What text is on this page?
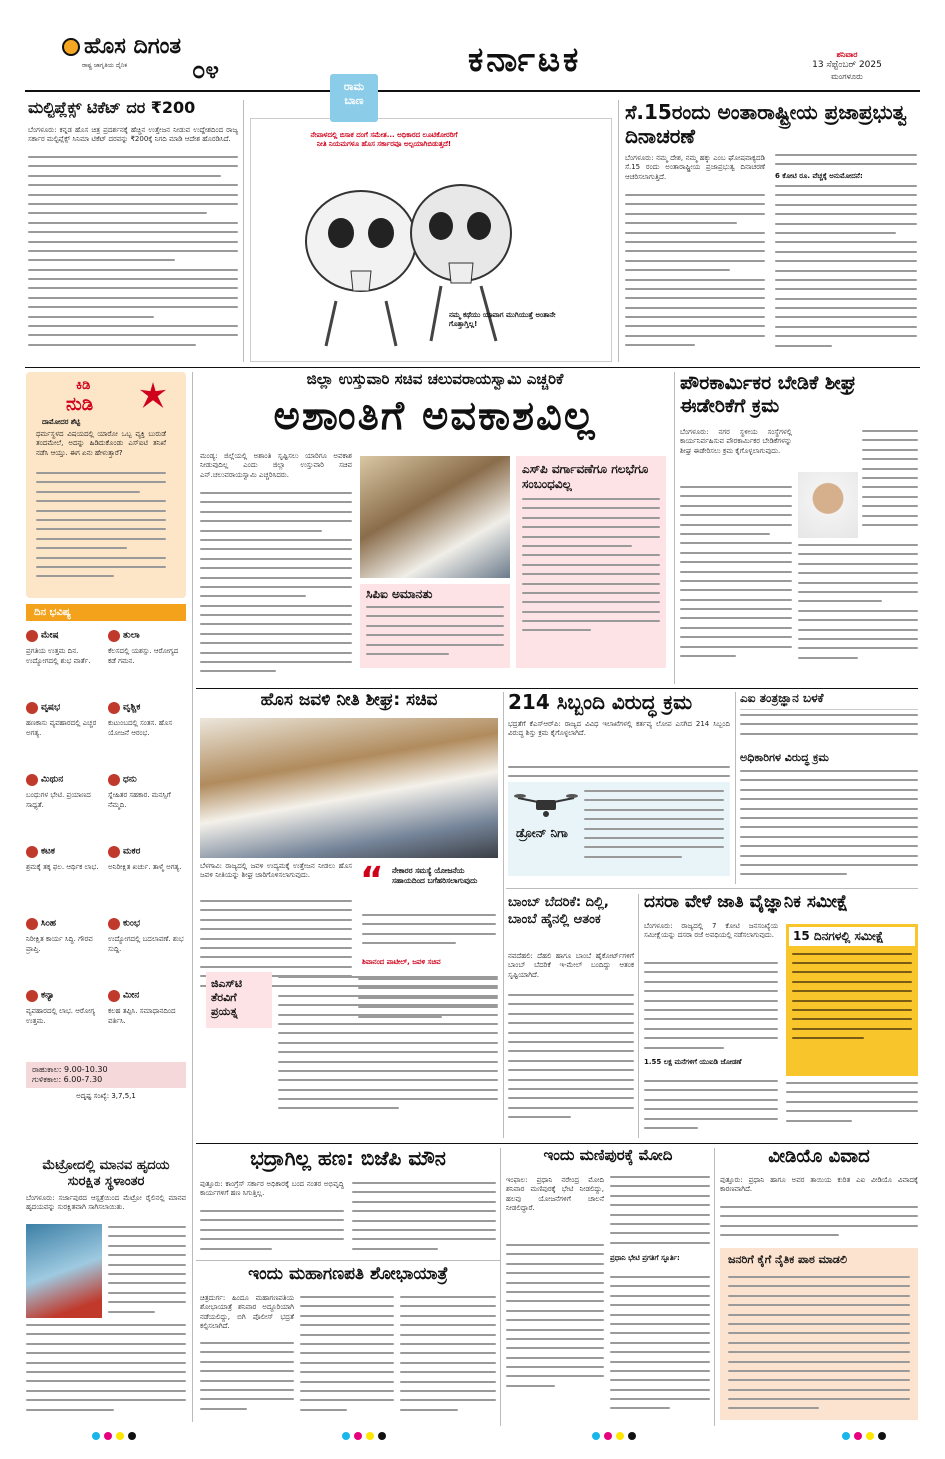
ಹೊಸ ದಿಗಂತ
ರಾಷ್ಟ್ರ ಜಾಗೃತಿಯ ದೈನಿಕ	೦೪	ಕರ್ನಾಟಕ	ಶನಿವಾರ
13 ಸೆಪ್ಟೆಂಬರ್ 2025
ಮಂಗಳೂರು
ಮಲ್ಟಿಪ್ಲೆಕ್ಸ್ ಟಿಕೆಟ್ ದರ ₹200
ಬೆಂಗಳೂರು: ಕನ್ನಡ ಹೊಸ ಚಿತ್ರ ಪ್ರದರ್ಶನಕ್ಕೆ ಹೆಚ್ಚಿನ ಉತ್ತೇಜನ ನೀಡುವ ಉದ್ದೇಶದಿಂದ ರಾಜ್ಯ ಸರ್ಕಾರ ಮಲ್ಟಿಪ್ಲೆಕ್ಸ್ ಸಿನಿಮಾ ಟಿಕೆಟ್ ದರವನ್ನು ₹200ಕ್ಕೆ ನಿಗದಿ ಮಾಡಿ ಆದೇಶ ಹೊರಡಿಸಿದೆ.
ನೇಪಾಳದಲ್ಲಿ ಬಿಸಾಕ ದಂಗೆ ಸಮೇತ... ಅಧಿಕಾರದ ಲೂಟಿಕೋರರಿಗೆ ನೀತಿ ನಿಯಮಗಳೂ ಹೊಸ ಸರ್ಕಾರವೂ ಅಲ್ಪಯಾಗಿಬಿಡುತ್ತದೆ!
ನಮ್ಮ ಕಥೆಯು ಯಾವಾಗ ಮುಗಿಯುತ್ತೆ ಅಂತಾನೇ ಗೊತ್ತಾಗ್ತಿಲ್ಲ!
ರಾಮ
ಬಾಣ	ಸೆ.15ರಂದು ಅಂತಾರಾಷ್ಟ್ರೀಯ ಪ್ರಜಾಪ್ರಭುತ್ವ ದಿನಾಚರಣೆ
ಬೆಂಗಳೂರು: ನಮ್ಮ ದೇಶ, ನಮ್ಮ ಹಕ್ಕು ಎಂಬ ಘೋಷವಾಕ್ಯದಡಿ ಸೆ.15 ರಂದು ಅಂತಾರಾಷ್ಟ್ರೀಯ ಪ್ರಜಾಪ್ರಭುತ್ವ ದಿನಾಚರಣೆ ಆಚರಿಸಲಾಗುತ್ತಿದೆ.	6 ಕೋಟಿ ರೂ. ವೆಚ್ಚಕ್ಕೆ ಅನುಮೋದನೆ:
ಕಿಡಿ
ನುಡಿ
ದಾಮೋದರ ಶೆಟ್ಟಿ
ಧರ್ಮಸ್ಥಳದ ವಿಷಯದಲ್ಲಿ ಯಾರೋ ಒಬ್ಬ ವ್ಯಕ್ತಿ ಬುರುಡೆ ತಂದಮೇಲೆ, ಅದನ್ನು ಹಿಡಿದುಕೊಂಡು ಎಸ್‌ಐಟಿ ತನಿಖೆ ನಡೆಸಿ ಆಯ್ತು. ಈಗ ಏನು ಹೇಳುತ್ತಾರೆ?
ದಿನ ಭವಿಷ್ಯ
ಮೇಷ
ಪ್ರಗತಿಯ ಉತ್ತಮ ದಿನ. ಉದ್ಯೋಗದಲ್ಲಿ ಶುಭ ವಾರ್ತೆ.
ತುಲಾ
ಕೆಲಸದಲ್ಲಿ ಯಶಸ್ಸು. ಆರೋಗ್ಯದ ಕಡೆ ಗಮನ.
ವೃಷಭ
ಹಣಕಾಸು ವ್ಯವಹಾರದಲ್ಲಿ ಎಚ್ಚರ ಅಗತ್ಯ.
ವೃಶ್ಚಿಕ
ಕುಟುಂಬದಲ್ಲಿ ಸಂತಸ. ಹೊಸ ಯೋಜನೆ ಆರಂಭ.
ಮಿಥುನ
ಬಂಧುಗಳ ಭೇಟಿ. ಪ್ರಯಾಣದ ಸಾಧ್ಯತೆ.
ಧನು
ಸ್ನೇಹಿತರ ಸಹಕಾರ. ಮನಸ್ಸಿಗೆ ನೆಮ್ಮದಿ.
ಕಟಕ
ಶ್ರಮಕ್ಕೆ ತಕ್ಕ ಫಲ. ಆರ್ಥಿಕ ಲಾಭ.
ಮಕರ
ಅನಿರೀಕ್ಷಿತ ಖರ್ಚು. ತಾಳ್ಮೆ ಅಗತ್ಯ.
ಸಿಂಹ
ನಿರೀಕ್ಷಿತ ಕಾರ್ಯ ಸಿದ್ಧಿ. ಗೌರವ ಪ್ರಾಪ್ತಿ.
ಕುಂಭ
ಉದ್ಯೋಗದಲ್ಲಿ ಬದಲಾವಣೆ. ಶುಭ ಸುದ್ದಿ.
ಕನ್ಯಾ
ವ್ಯವಹಾರದಲ್ಲಿ ಲಾಭ. ಆರೋಗ್ಯ ಉತ್ತಮ.
ಮೀನ
ಕಲಹ ತಪ್ಪಿಸಿ. ಸಮಾಧಾನದಿಂದ ವರ್ತಿಸಿ.
ರಾಹುಕಾಲ: 9.00-10.30
ಗುಳಿಕಕಾಲ: 6.00-7.30
ಅದೃಷ್ಟ ಸಂಖ್ಯೆ: 3,7,5,1
ಮೆಟ್ರೋದಲ್ಲಿ ಮಾನವ ಹೃದಯ ಸುರಕ್ಷಿತ ಸ್ಥಳಾಂತರ
ಬೆಂಗಳೂರು: ಸರ್ಜಾಪುರದ ಆಸ್ಪತ್ರೆಯಿಂದ ಮೆಟ್ರೋ ರೈಲಿನಲ್ಲಿ ಮಾನವ ಹೃದಯವನ್ನು ಸುರಕ್ಷಿತವಾಗಿ ಸಾಗಿಸಲಾಯಿತು.
ಜಿಲ್ಲಾ ಉಸ್ತುವಾರಿ ಸಚಿವ ಚಲುವರಾಯಸ್ವಾಮಿ ಎಚ್ಚರಿಕೆ
ಅಶಾಂತಿಗೆ ಅವಕಾಶವಿಲ್ಲ
ಮಂಡ್ಯ: ಜಿಲ್ಲೆಯಲ್ಲಿ ಅಶಾಂತಿ ಸೃಷ್ಟಿಸಲು ಯಾರಿಗೂ ಅವಕಾಶ ನೀಡುವುದಿಲ್ಲ ಎಂದು ಜಿಲ್ಲಾ ಉಸ್ತುವಾರಿ ಸಚಿವ ಎನ್.ಚಲುವರಾಯಸ್ವಾಮಿ ಎಚ್ಚರಿಸಿದರು.	ಎಸ್‌ಪಿ ವರ್ಗಾವಣೆಗೂ ಗಲಭೆಗೂ ಸಂಬಂಧವಿಲ್ಲ
ಸಿಪಿಐ ಅಮಾನತು
ಪೌರಕಾರ್ಮಿಕರ ಬೇಡಿಕೆ ಶೀಘ್ರ ಈಡೇರಿಕೆಗೆ ಕ್ರಮ
ಬೆಂಗಳೂರು: ನಗರ ಸ್ಥಳೀಯ ಸಂಸ್ಥೆಗಳಲ್ಲಿ ಕಾರ್ಯನಿರ್ವಹಿಸುವ ಪೌರಕಾರ್ಮಿಕರ ಬೇಡಿಕೆಗಳನ್ನು ಶೀಘ್ರ ಈಡೇರಿಸಲು ಕ್ರಮ ಕೈಗೊಳ್ಳಲಾಗುವುದು.
ಹೊಸ ಜವಳಿ ನೀತಿ ಶೀಘ್ರ: ಸಚಿವ
ಬೆಳಗಾವಿ: ರಾಜ್ಯದಲ್ಲಿ ಜವಳಿ ಉದ್ಯಮಕ್ಕೆ ಉತ್ತೇಜನ ನೀಡಲು ಹೊಸ ಜವಳಿ ನೀತಿಯನ್ನು ಶೀಘ್ರ ಜಾರಿಗೊಳಿಸಲಾಗುವುದು.	“ ನೇಕಾರರ ಸಮಸ್ಯೆ ಯೋಜನೆಯ ಸಹಾಯದಿಂದ ಬಗೆಹರಿಸಲಾಗುವುದು
ಶಿವಾನಂದ ಪಾಟೀಲ್, ಜವಳಿ ಸಚಿವ
ಜಿಎಸ್‌ಟಿ ತೆರವಿಗೆ ಪ್ರಯತ್ನ
214 ಸಿಬ್ಬಂದಿ ವಿರುದ್ಧ ಕ್ರಮ
ಭದ್ರತೆಗೆ ಕೆಎಸ್‌ಆರ್‌ಪಿ: ರಾಜ್ಯದ ವಿವಿಧ ಇಲಾಖೆಗಳಲ್ಲಿ ಕರ್ತವ್ಯ ಲೋಪ ಎಸಗಿದ 214 ಸಿಬ್ಬಂದಿ ವಿರುದ್ಧ ಶಿಸ್ತು ಕ್ರಮ ಕೈಗೊಳ್ಳಲಾಗಿದೆ.
ಡ್ರೋನ್ ನಿಗಾ
ಎಐ ತಂತ್ರಜ್ಞಾನ ಬಳಕೆ
ಅಧಿಕಾರಿಗಳ ವಿರುದ್ಧ ಕ್ರಮ
ಬಾಂಬ್ ಬೆದರಿಕೆ: ದಿಲ್ಲಿ, ಬಾಂಬೆ ಹೈನಲ್ಲಿ ಆತಂಕ
ನವದೆಹಲಿ: ದೆಹಲಿ ಹಾಗೂ ಬಾಂಬೆ ಹೈಕೋರ್ಟ್‌ಗಳಿಗೆ ಬಾಂಬ್ ಬೆದರಿಕೆ ಇ-ಮೇಲ್ ಬಂದಿದ್ದು ಆತಂಕ ಸೃಷ್ಟಿಯಾಗಿದೆ.
ದಸರಾ ವೇಳೆ ಜಾತಿ ವೈಜ್ಞಾನಿಕ ಸಮೀಕ್ಷೆ
ಬೆಂಗಳೂರು: ರಾಜ್ಯದಲ್ಲಿ 7 ಕೋಟಿ ಜನಸಂಖ್ಯೆಯ ಸಮೀಕ್ಷೆಯನ್ನು ದಸರಾ ರಜೆ ಅವಧಿಯಲ್ಲಿ ನಡೆಸಲಾಗುವುದು.
1.55 ಲಕ್ಷ ಮನೆಗಳಿಗೆ ಯುಐಡಿ ಜೋಡಣೆ
15 ದಿನಗಳಲ್ಲಿ ಸಮೀಕ್ಷೆ
ಭದ್ರಾಗಿಲ್ಲ ಹಣ: ಬಿಜೆಪಿ ಮೌನ
ಪುತ್ತೂರು: ಕಾಂಗ್ರೆಸ್ ಸರ್ಕಾರ ಅಧಿಕಾರಕ್ಕೆ ಬಂದ ನಂತರ ಅಭಿವೃದ್ಧಿ ಕಾರ್ಯಗಳಿಗೆ ಹಣ ಸಿಗುತ್ತಿಲ್ಲ.
ಇಂದು ಮಹಾಗಣಪತಿ ಶೋಭಾಯಾತ್ರೆ
ಚಿತ್ರದುರ್ಗ: ಹಿಂದೂ ಮಹಾಗಣಪತಿಯ ಶೋಭಾಯಾತ್ರೆ ಶನಿವಾರ ಅದ್ದೂರಿಯಾಗಿ ನಡೆಯಲಿದ್ದು, ಬಿಗಿ ಪೊಲೀಸ್ ಭದ್ರತೆ ಕಲ್ಪಿಸಲಾಗಿದೆ.
ಇಂದು ಮಣಿಪುರಕ್ಕೆ ಮೋದಿ
ಇಂಫಾಲ: ಪ್ರಧಾನಿ ನರೇಂದ್ರ ಮೋದಿ ಶನಿವಾರ ಮಣಿಪುರಕ್ಕೆ ಭೇಟಿ ನೀಡಲಿದ್ದು, ಹಲವು ಯೋಜನೆಗಳಿಗೆ ಚಾಲನೆ ನೀಡಲಿದ್ದಾರೆ.
ಪ್ರಧಾನಿ ಭೇಟಿ ಪ್ರಗತಿಗೆ ಸ್ಫೂರ್ತಿ:
ವೀಡಿಯೊ ವಿವಾದ
ಪುತ್ತೂರು: ಪ್ರಧಾನಿ ಹಾಗೂ ಅವರ ತಾಯಿಯ ಕುರಿತ ಎಐ ವೀಡಿಯೊ ವಿವಾದಕ್ಕೆ ಕಾರಣವಾಗಿದೆ.
ಜನರಿಗೆ ಕೈಗೆ ನೈತಿಕ ಪಾಠ ಮಾಡಲಿ
